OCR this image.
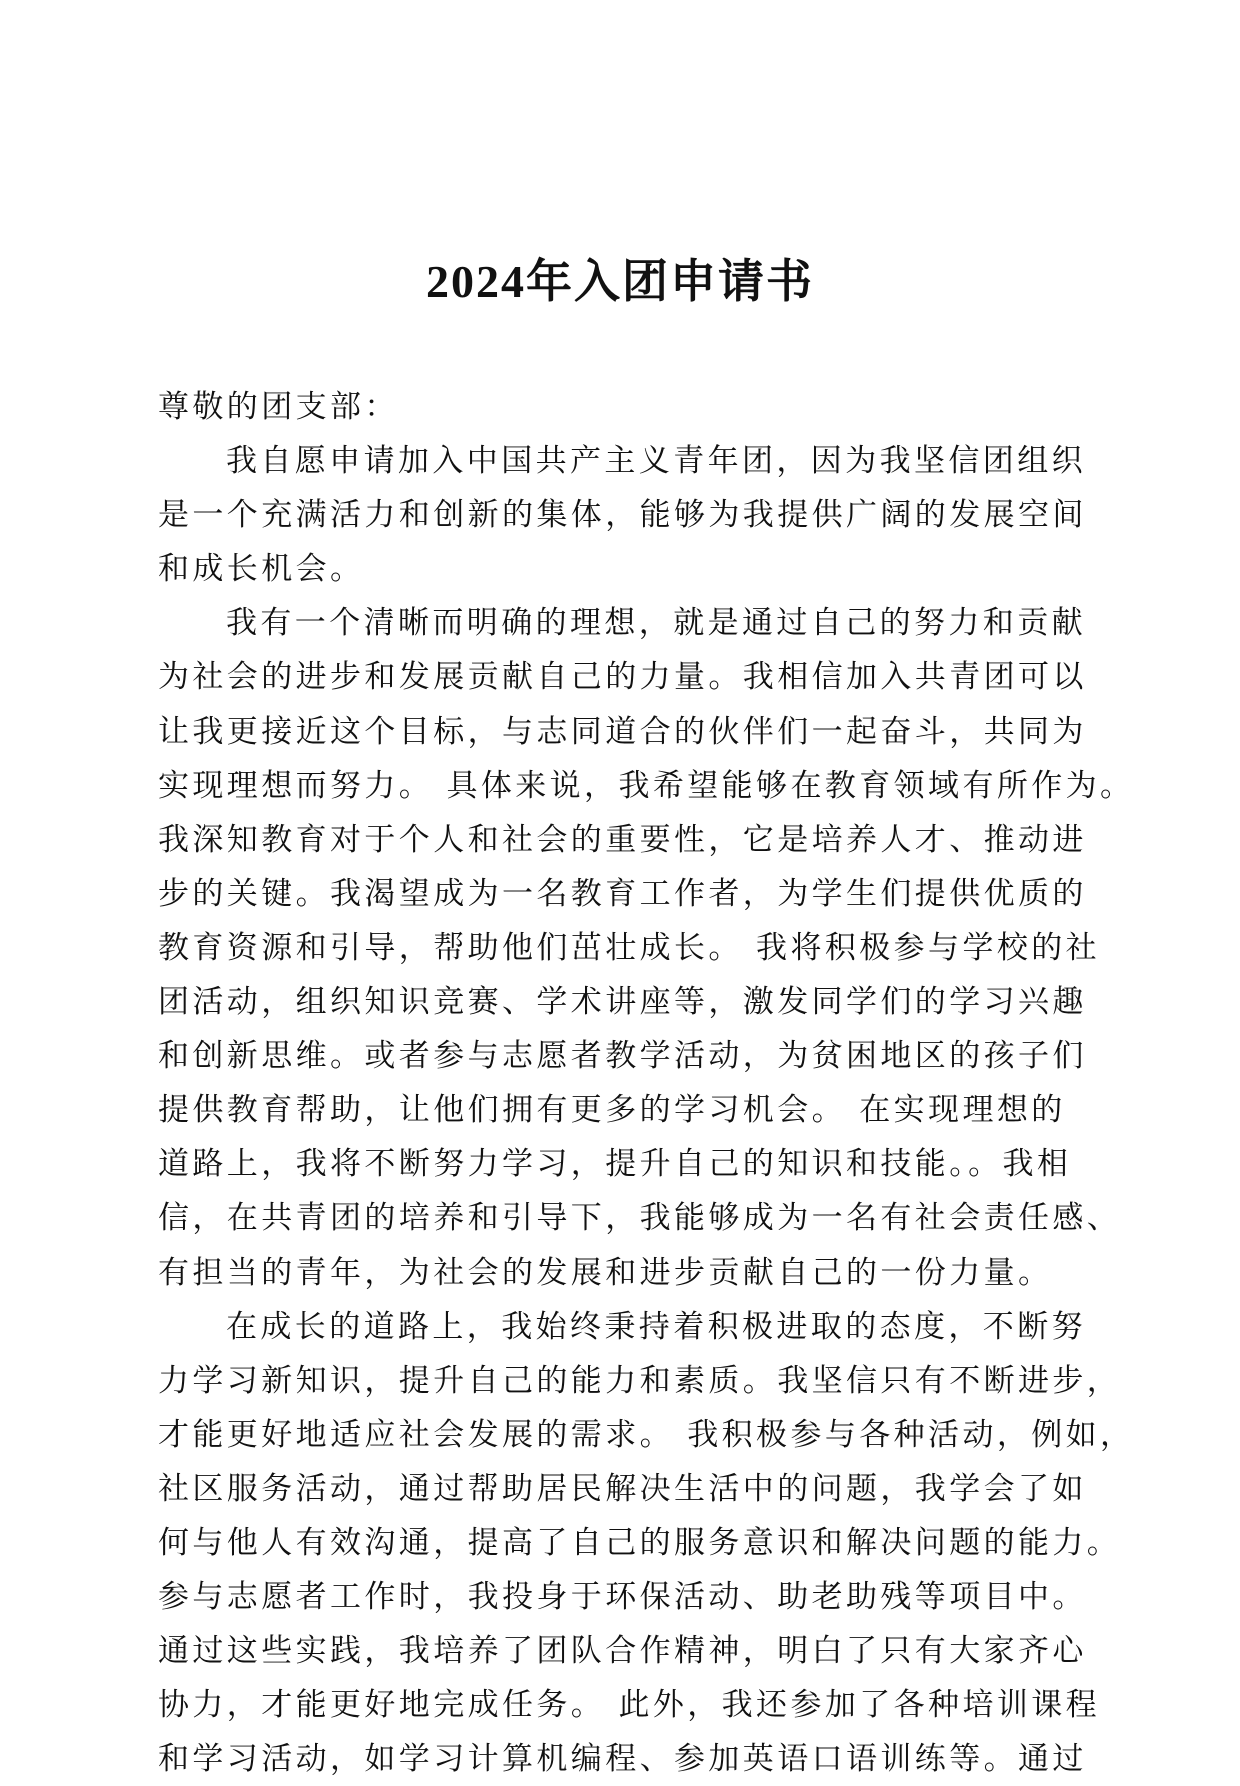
2024年入团申请书
尊敬的团支部：
我自愿申请加入中国共产主义青年团，因为我坚信团组织
是一个充满活力和创新的集体，能够为我提供广阔的发展空间
和成长机会。
我有一个清晰而明确的理想，就是通过自己的努力和贡献
为社会的进步和发展贡献自己的力量。我相信加入共青团可以
让我更接近这个目标，与志同道合的伙伴们一起奋斗，共同为
实现理想而努力。 具体来说，我希望能够在教育领域有所作为。
我深知教育对于个人和社会的重要性，它是培养人才、推动进
步的关键。我渴望成为一名教育工作者，为学生们提供优质的
教育资源和引导，帮助他们茁壮成长。 我将积极参与学校的社
团活动，组织知识竞赛、学术讲座等，激发同学们的学习兴趣
和创新思维。或者参与志愿者教学活动，为贫困地区的孩子们
提供教育帮助，让他们拥有更多的学习机会。 在实现理想的
道路上，我将不断努力学习，提升自己的知识和技能。。我相
信，在共青团的培养和引导下，我能够成为一名有社会责任感、
有担当的青年，为社会的发展和进步贡献自己的一份力量。
在成长的道路上，我始终秉持着积极进取的态度，不断努
力学习新知识，提升自己的能力和素质。我坚信只有不断进步，
才能更好地适应社会发展的需求。 我积极参与各种活动，例如，
社区服务活动，通过帮助居民解决生活中的问题，我学会了如
何与他人有效沟通，提高了自己的服务意识和解决问题的能力。
参与志愿者工作时，我投身于环保活动、助老助残等项目中。
通过这些实践，我培养了团队合作精神，明白了只有大家齐心
协力，才能更好地完成任务。 此外，我还参加了各种培训课程
和学习活动，如学习计算机编程、参加英语口语训练等。通过
